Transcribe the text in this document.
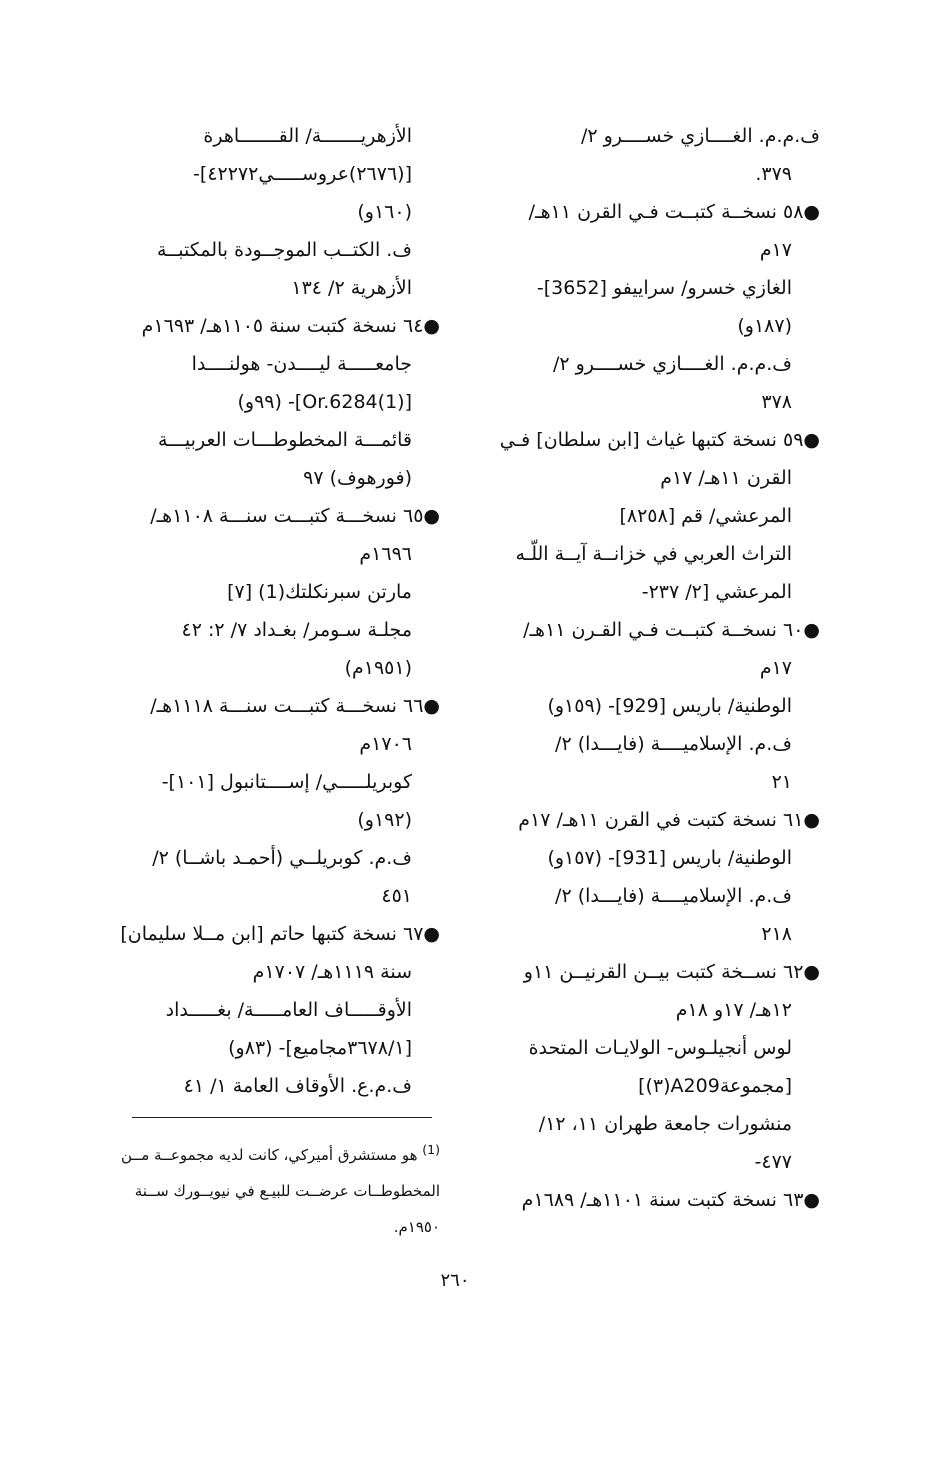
ف.م.م. الغــــازي خســــرو ٢/
٣٧٩.
●٥٨ نسخــة كتبــت فـي القرن ١١هـ/
١٧م
الغازي خسرو/ سراييفو [3652]-
(١٨٧و)
ف.م.م. الغــــازي خســــرو ٢/
٣٧٨
●٥٩ نسخة كتبها غياث [ابن سلطان] فـي
القرن ١١هـ/ ١٧م
المرعشي/ قم [٨٢٥٨]
التراث العربي في خزانــة آيــة اللّـه
المرعشي [٢/ ٢٣٧-
●٦٠ نسخــة كتبــت فـي القـرن ١١هـ/
١٧م
الوطنية/ باريس [929]- (١٥٩و)
ف.م. الإسلاميــــة (فايـــدا) ٢/
٢١
●٦١ نسخة كتبت في القرن ١١هـ/ ١٧م
الوطنية/ باريس [931]- (١٥٧و)
ف.م. الإسلاميــــة (فايـــدا) ٢/
٢١٨
●٦٢ نســخة كتبت بيــن القرنيــن ١١و
١٢هـ/ ١٧و ١٨م
لوس أنجيلـوس- الولايـات المتحدة
[مجموعةA209(٣)]
منشورات جامعة طهران ١١، ١٢/
٤٧٧-
●٦٣ نسخة كتبت سنة ١١٠١هـ/ ١٦٨٩م
الأزهريـــــــة/ القـــــــاهرة
[(٢٦٧٦)عروســـــي٤٢٢٧٢]-
(١٦٠و)
ف. الكتــب الموجــودة بالمكتبــة
الأزهرية ٢/ ١٣٤
●٦٤ نسخة كتبت سنة ١١٠٥هـ/ ١٦٩٣م
جامعـــــة ليــــدن- هولنــــدا
[Or.6284(1)]- (٩٩و)
قائمـــة المخطوطـــات العربيـــة
(فورهوف) ٩٧
●٦٥ نسخـــة كتبـــت سنـــة ١١٠٨هـ/
١٦٩٦م
مارتن سبرنكلتك(1) [٧]
مجلـة سـومر/ بغـداد ٧/ ٢: ٤٢
(١٩٥١م)
●٦٦ نسخـــة كتبـــت سنـــة ١١١٨هـ/
١٧٠٦م
كوبريلـــــي/ إســــتانبول [١٠١]-
(١٩٢و)
ف.م. كوبريلــي (أحمـد باشــا) ٢/
٤٥١
●٦٧ نسخة كتبها حاتم [ابن مــلا سليمان]
سنة ١١١٩هـ/ ١٧٠٧م
الأوقـــــاف العامـــــة/ بغـــــداد
[٣٦٧٨/١مجاميع]- (٨٣و)
ف.م.ع. الأوقاف العامة ١/ ٤١
$^{(1)}$ هو مستشرق أميركي، كانت لديه مجموعــة مــن
المخطوطــات عرضــت للبيـع في نيويــورك ســنة
١٩٥٠م.
٢٦٠
